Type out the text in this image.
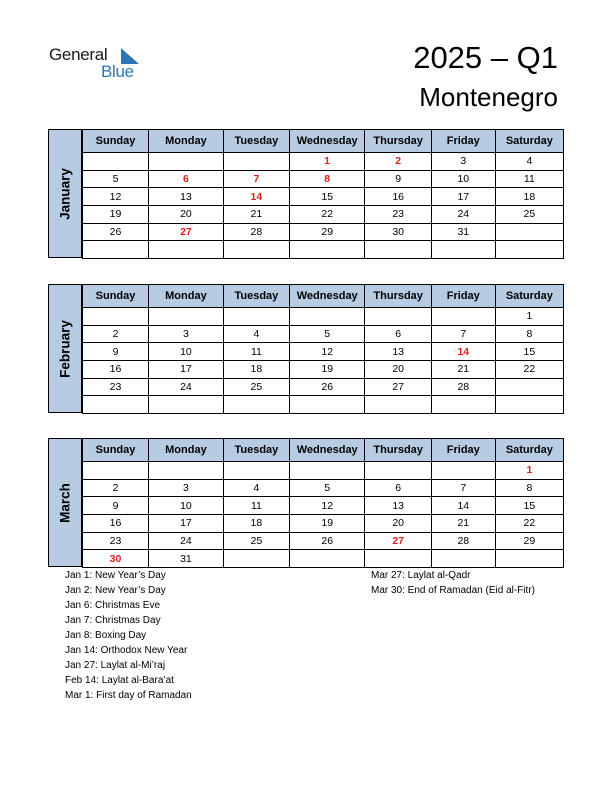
General
Blue	2025 – Q1
Montenegro
January
Sunday	Monday	Tuesday	Wednesday	Thursday	Friday	Saturday
			1	2	3	4
5	6	7	8	9	10	11
12	13	14	15	16	17	18
19	20	21	22	23	24	25
26	27	28	29	30	31	

February
Sunday	Monday	Tuesday	Wednesday	Thursday	Friday	Saturday
						1
2	3	4	5	6	7	8
9	10	11	12	13	14	15
16	17	18	19	20	21	22
23	24	25	26	27	28	

March
Sunday	Monday	Tuesday	Wednesday	Thursday	Friday	Saturday
						1
2	3	4	5	6	7	8
9	10	11	12	13	14	15
16	17	18	19	20	21	22
23	24	25	26	27	28	29
30	31					
Jan 1: New Year’s Day
Jan 2: New Year’s Day
Jan 6: Christmas Eve
Jan 7: Christmas Day
Jan 8: Boxing Day
Jan 14: Orthodox New Year
Jan 27: Laylat al-Mi’raj
Feb 14: Laylat al-Bara’at
Mar 1: First day of Ramadan
Mar 27: Laylat al-Qadr
Mar 30: End of Ramadan (Eid al-Fitr)
